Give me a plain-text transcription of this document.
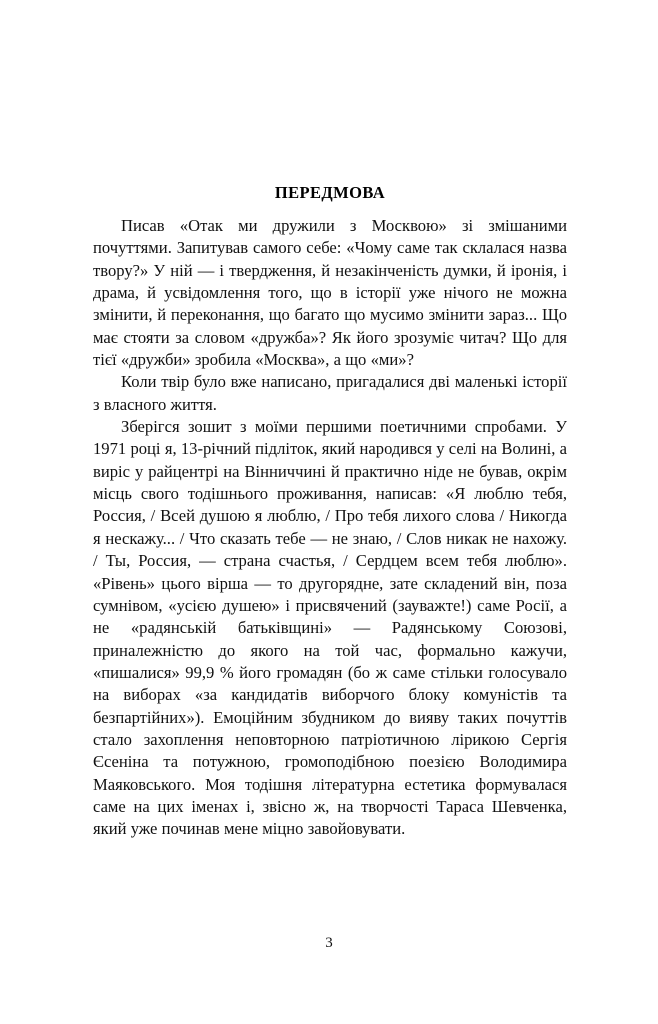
ПЕРЕДМОВА

Писав «Отак ми дружили з Москвою» зі змішаними почуттями. Запитував самого себе: «Чому саме так склалася назва твору?» У ній — і твердження, й незакінченість думки, й іронія, і драма, й усвідомлення того, що в історії уже нічого не можна змінити, й переконання, що багато що мусимо змінити зараз... Що має стояти за словом «дружба»? Як його зрозуміє читач? Що для тієї «дружби» зробила «Москва», а що «ми»?

Коли твір було вже написано, пригадалися дві маленькі історії з власного життя.

Зберігся зошит з моїми першими поетичними спробами. У 1971 році я, 13-річний підліток, який народився у селі на Волині, а виріс у райцентрі на Вінниччині й практично ніде не бував, окрім місць свого тодішнього проживання, написав: «Я люблю тебя, Россия, / Всей душою я люблю, / Про тебя лихого слова / Никогда я нескажу... / Что сказать тебе — не знаю, / Слов никак не нахожу. / Ты, Россия, — страна счастья, / Сердцем всем тебя люблю». «Рівень» цього вірша — то другорядне, зате складений він, поза сумнівом, «усією душею» і присвячений (зауважте!) саме Росії, а не «радянській батьківщині» — Радянському Союзові, приналежністю до якого на той час, формально кажучи, «пишалися» 99,9 % його громадян (бо ж саме стільки голосувало на виборах «за кандидатів виборчого блоку комуністів та безпартійних»). Емоційним збудником до вияву таких почуттів стало захоплення неповторною патріотичною лірикою Сергія Єсеніна та потужною, громоподібною поезією Володимира Маяковського. Моя тодішня літературна естетика формувалася саме на цих іменах і, звісно ж, на творчості Тараса Шевченка, який уже починав мене міцно завойовувати.

3
